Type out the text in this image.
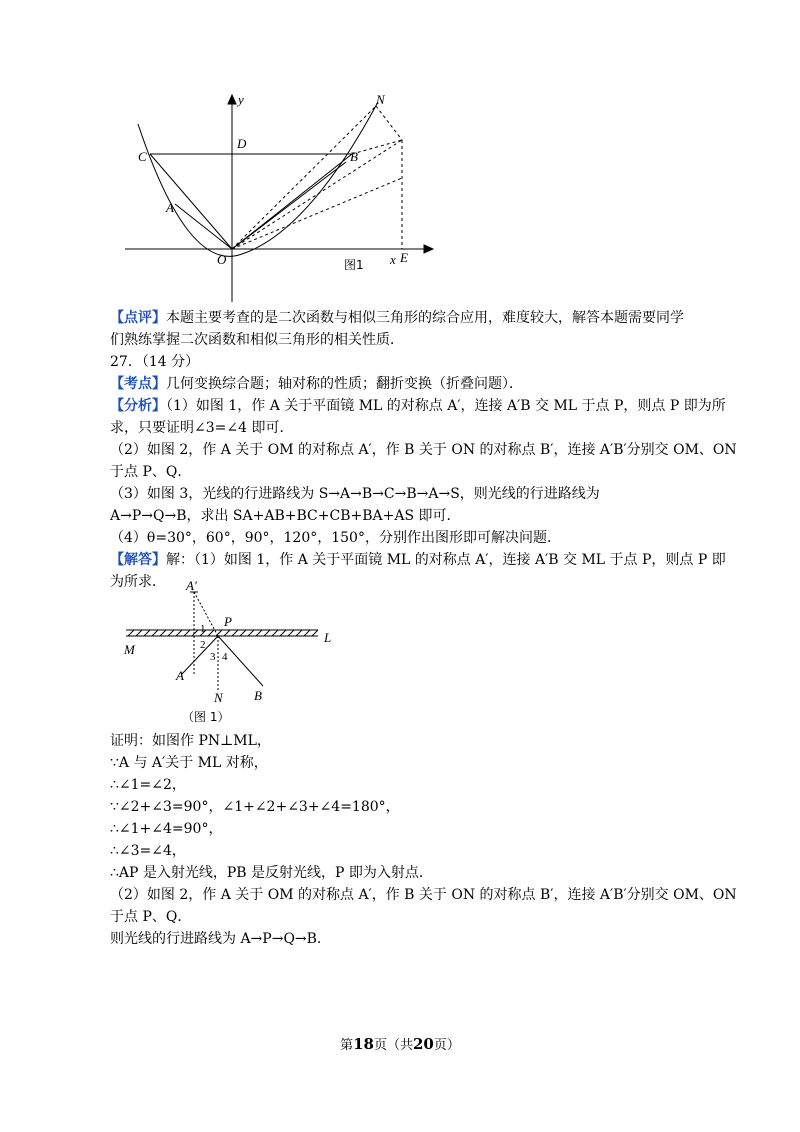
y	N
D
C	B
A
O	x E
图1
【点评】本题主要考查的是二次函数与相似三角形的综合应用，难度较大，解答本题需要同学
们熟练掌握二次函数和相似三角形的相关性质．
27．（14 分）
【考点】几何变换综合题；轴对称的性质；翻折变换（折叠问题）．
【分析】（1）如图 1，作 A 关于平面镜 ML 的对称点 A′，连接 A′B 交 ML 于点 P，则点 P 即为所
求，只要证明∠3=∠4 即可．
（2）如图 2，作 A 关于 OM 的对称点 A′，作 B 关于 ON 的对称点 B′，连接 A′B′分别交 OM、ON
于点 P、Q．
（3）如图 3，光线的行进路线为 S→A→B→C→B→A→S，则光线的行进路线为
A→P→Q→B，求出 SA+AB+BC+CB+BA+AS 即可．
（4）θ=30°，60°，90°，120°，150°，分别作出图形即可解决问题．
【解答】解：（1）如图 1，作 A 关于平面镜 ML 的对称点 A′，连接 A′B 交 ML 于点 P，则点 P 即
为所求． A′
P
L
M
1
2
3 4
A
N B
（图 1）
证明：如图作 PN⊥ML，
∵A 与 A′关于 ML 对称，
∴∠1=∠2，
∵∠2+∠3=90°，∠1+∠2+∠3+∠4=180°，
∴∠1+∠4=90°，
∴∠3=∠4，
∴AP 是入射光线，PB 是反射光线，P 即为入射点．
（2）如图 2，作 A 关于 OM 的对称点 A′，作 B 关于 ON 的对称点 B′，连接 A′B′分别交 OM、ON
于点 P、Q．
则光线的行进路线为 A→P→Q→B．
第18页（共20页）
